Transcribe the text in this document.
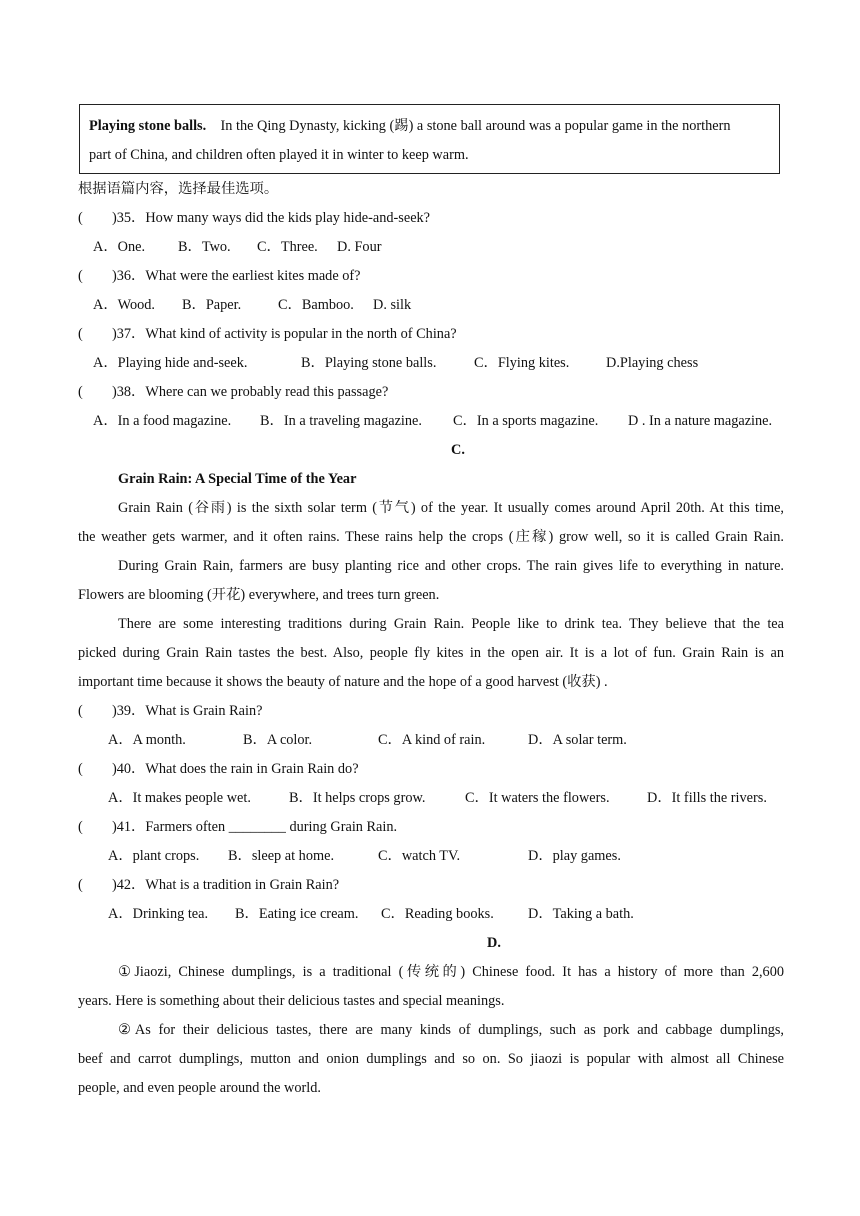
Playing stone balls. In the Qing Dynasty, kicking (踢) a stone ball around was a popular game in the northern
part of China, and children often played it in winter to keep warm.
根据语篇内容，选择最佳选项。
( )35．How many ways did the kids play hide-and-seek?
A．One. B．Two. C．Three. D. Four
( )36．What were the earliest kites made of?
A．Wood. B．Paper.	C．Bamboo. D. silk
( )37．What kind of activity is popular in the north of China?
A．Playing hide and-seek.	B．Playing stone balls.	C．Flying kites.	D.Playing chess
( )38．Where can we probably read this passage?
A．In a food magazine. B．In a traveling magazine. C．In a sports magazine. D . In a nature magazine.
C.
Grain Rain: A Special Time of the Year
Grain Rain (谷雨) is the sixth solar term (节气) of the year. It usually comes around April 20th. At this time,
the weather gets warmer, and it often rains. These rains help the crops (庄稼) grow well, so it is called Grain Rain.
During Grain Rain, farmers are busy planting rice and other crops. The rain gives life to everything in nature.
Flowers are blooming (开花) everywhere, and trees turn green.
There are some interesting traditions during Grain Rain. People like to drink tea. They believe that the tea
picked during Grain Rain tastes the best. Also, people fly kites in the open air. It is a lot of fun. Grain Rain is an
important time because it shows the beauty of nature and the hope of a good harvest (收获) .
( )39．What is Grain Rain?
A．A month.	B．A color.	C．A kind of rain.	D．A solar term.
( )40．What does the rain in Grain Rain do?
A．It makes people wet.	B．It helps crops grow.	C．It waters the flowers.	D．It fills the rivers.
( )41．Farmers often ________ during Grain Rain.
A．plant crops. B．sleep at home.	C．watch TV.	D．play games.
( )42．What is a tradition in Grain Rain?
A．Drinking tea. B．Eating ice cream. C．Reading books. D．Taking a bath.
D.
①Jiaozi, Chinese dumplings, is a traditional (传统的) Chinese food. It has a history of more than 2,600
years. Here is something about their delicious tastes and special meanings.
②As for their delicious tastes, there are many kinds of dumplings, such as pork and cabbage dumplings,
beef and carrot dumplings, mutton and onion dumplings and so on. So jiaozi is popular with almost all Chinese
people, and even people around the world.
